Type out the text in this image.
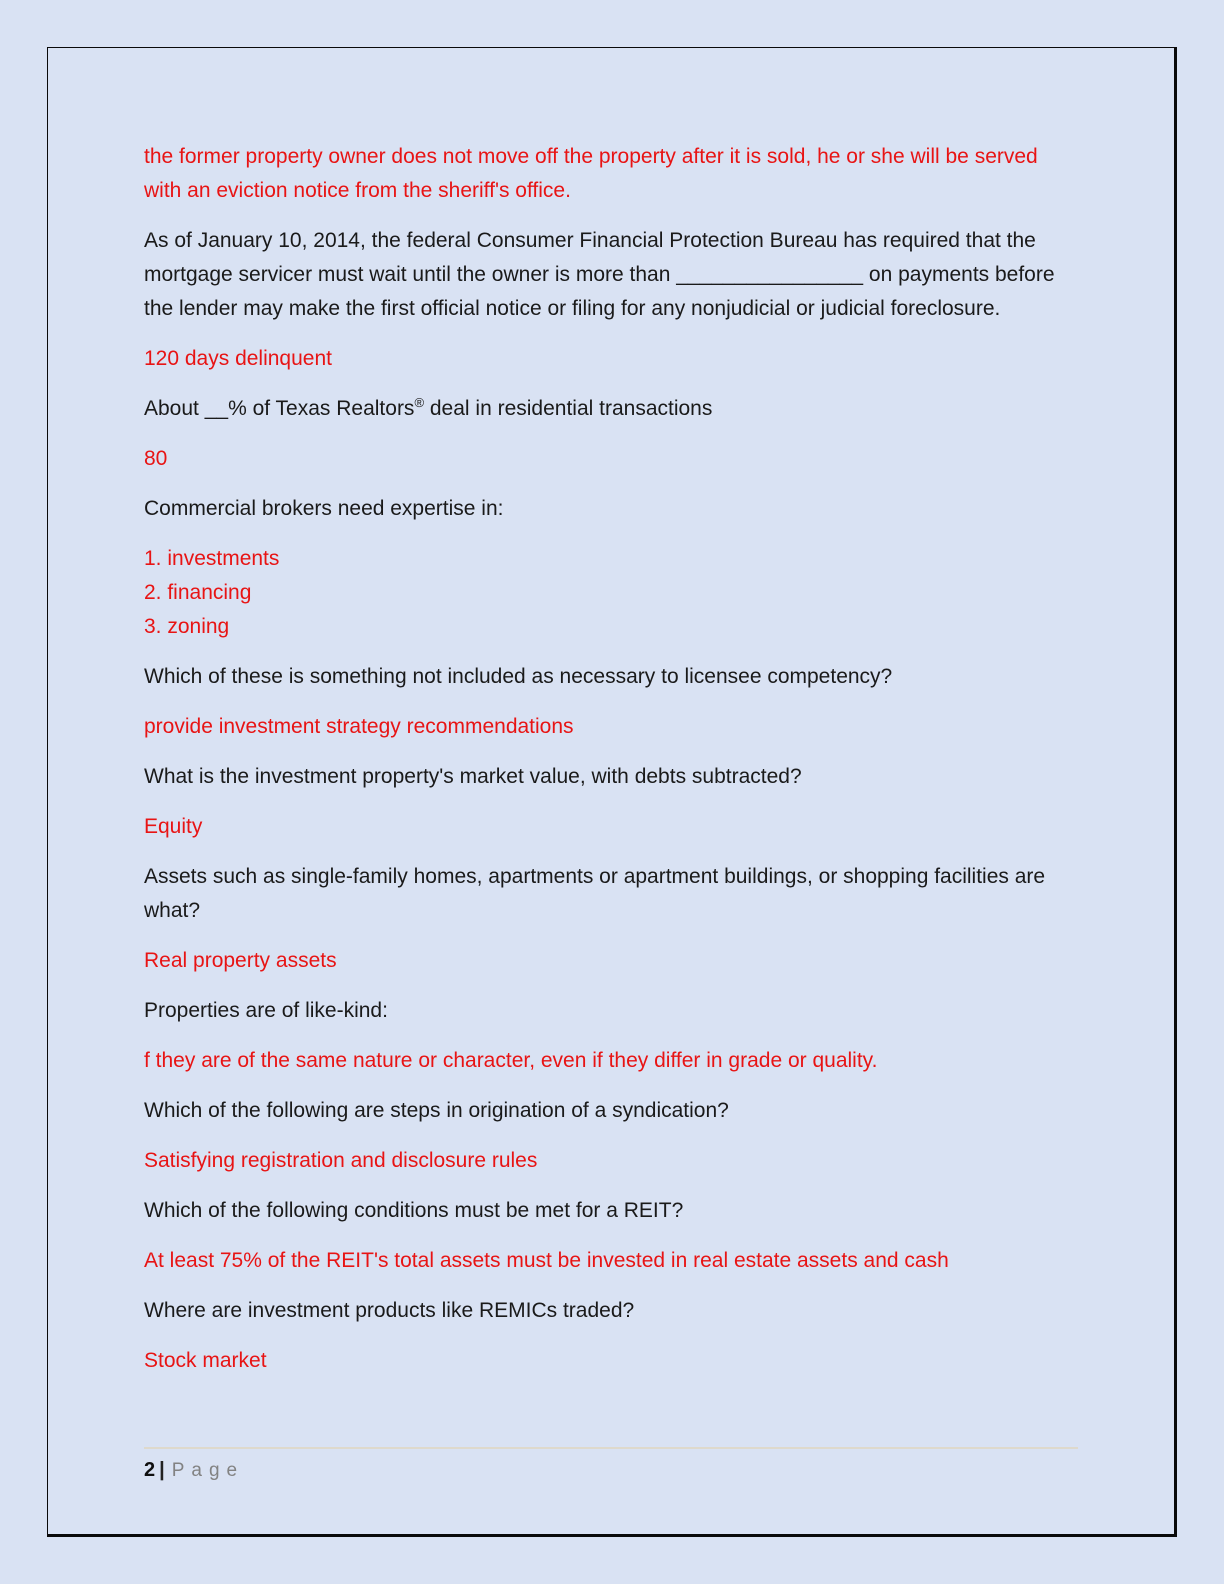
the former property owner does not move off the property after it is sold, he or she will be served with an eviction notice from the sheriff's office.

As of January 10, 2014, the federal Consumer Financial Protection Bureau has required that the mortgage servicer must wait until the owner is more than ________________ on payments before the lender may make the first official notice or filing for any nonjudicial or judicial foreclosure.

120 days delinquent

About __% of Texas Realtors® deal in residential transactions

80

Commercial brokers need expertise in:

1. investments

2. financing

3. zoning

Which of these is something not included as necessary to licensee competency?

provide investment strategy recommendations

What is the investment property's market value, with debts subtracted?

Equity

Assets such as single-family homes, apartments or apartment buildings, or shopping facilities are what?

Real property assets

Properties are of like-kind:

f they are of the same nature or character, even if they differ in grade or quality.

Which of the following are steps in origination of a syndication?

Satisfying registration and disclosure rules

Which of the following conditions must be met for a REIT?

At least 75% of the REIT's total assets must be invested in real estate assets and cash

Where are investment products like REMICs traded?

Stock market

2 | Page
